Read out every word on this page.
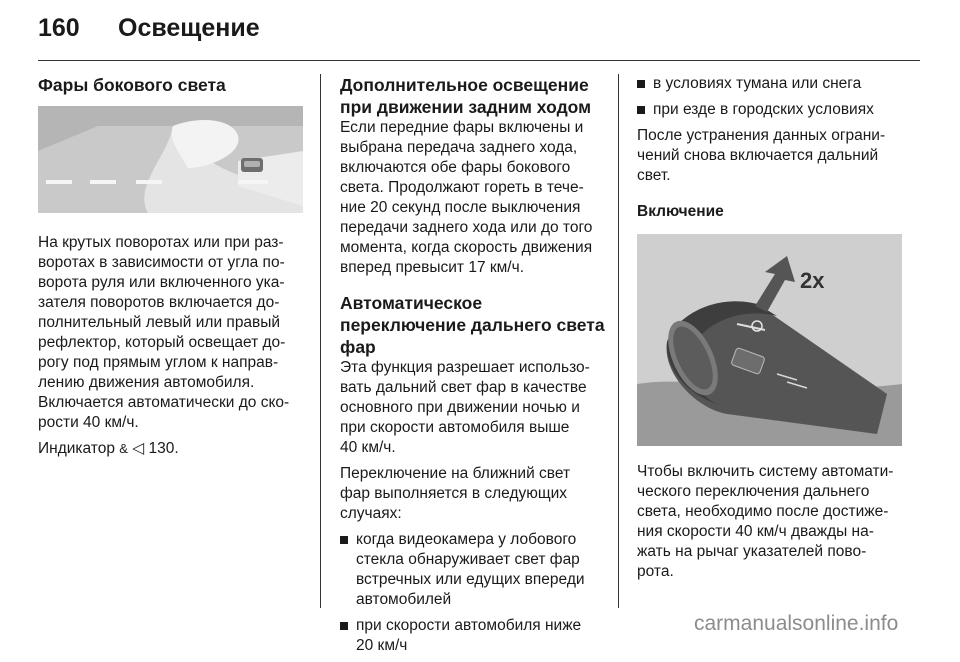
160	Освещение
Фары бокового света

На крутых поворотах или при раз-
воротах в зависимости от угла по-
ворота руля или включенного ука-
зателя поворотов включается до-
полнительный левый или правый
рефлектор, который освещает до-
рогу под прямым углом к направ-
лению движения автомобиля.
Включается автоматически до ско-
рости 40 км/ч.

Индикатор & ◁ 130.

Дополнительное освещение
при движении задним ходом

Если передние фары включены и
выбрана передача заднего хода,
включаются обе фары бокового
света. Продолжают гореть в тече-
ние 20 секунд после выключения
передачи заднего хода или до того
момента, когда скорость движения
вперед превысит 17 км/ч.

Автоматическое
переключение дальнего света
фар

Эта функция разрешает использо-
вать дальний свет фар в качестве
основного при движении ночью и
при скорости автомобиля выше
40 км/ч.

Переключение на ближний свет
фар выполняется в следующих
случаях:

когда видеокамера у лобового
стекла обнаруживает свет фар
встречных или едущих впереди
автомобилей
при скорости автомобиля ниже
20 км/ч
в условиях тумана или снега
при езде в городских условиях

После устранения данных ограни-
чений снова включается дальний
свет.

Включение

Чтобы включить систему автомати-
ческого переключения дальнего
света, необходимо после достиже-
ния скорости 40 км/ч дважды на-
жать на рычаг указателей пово-
рота.

2x
carmanualsonline.info
